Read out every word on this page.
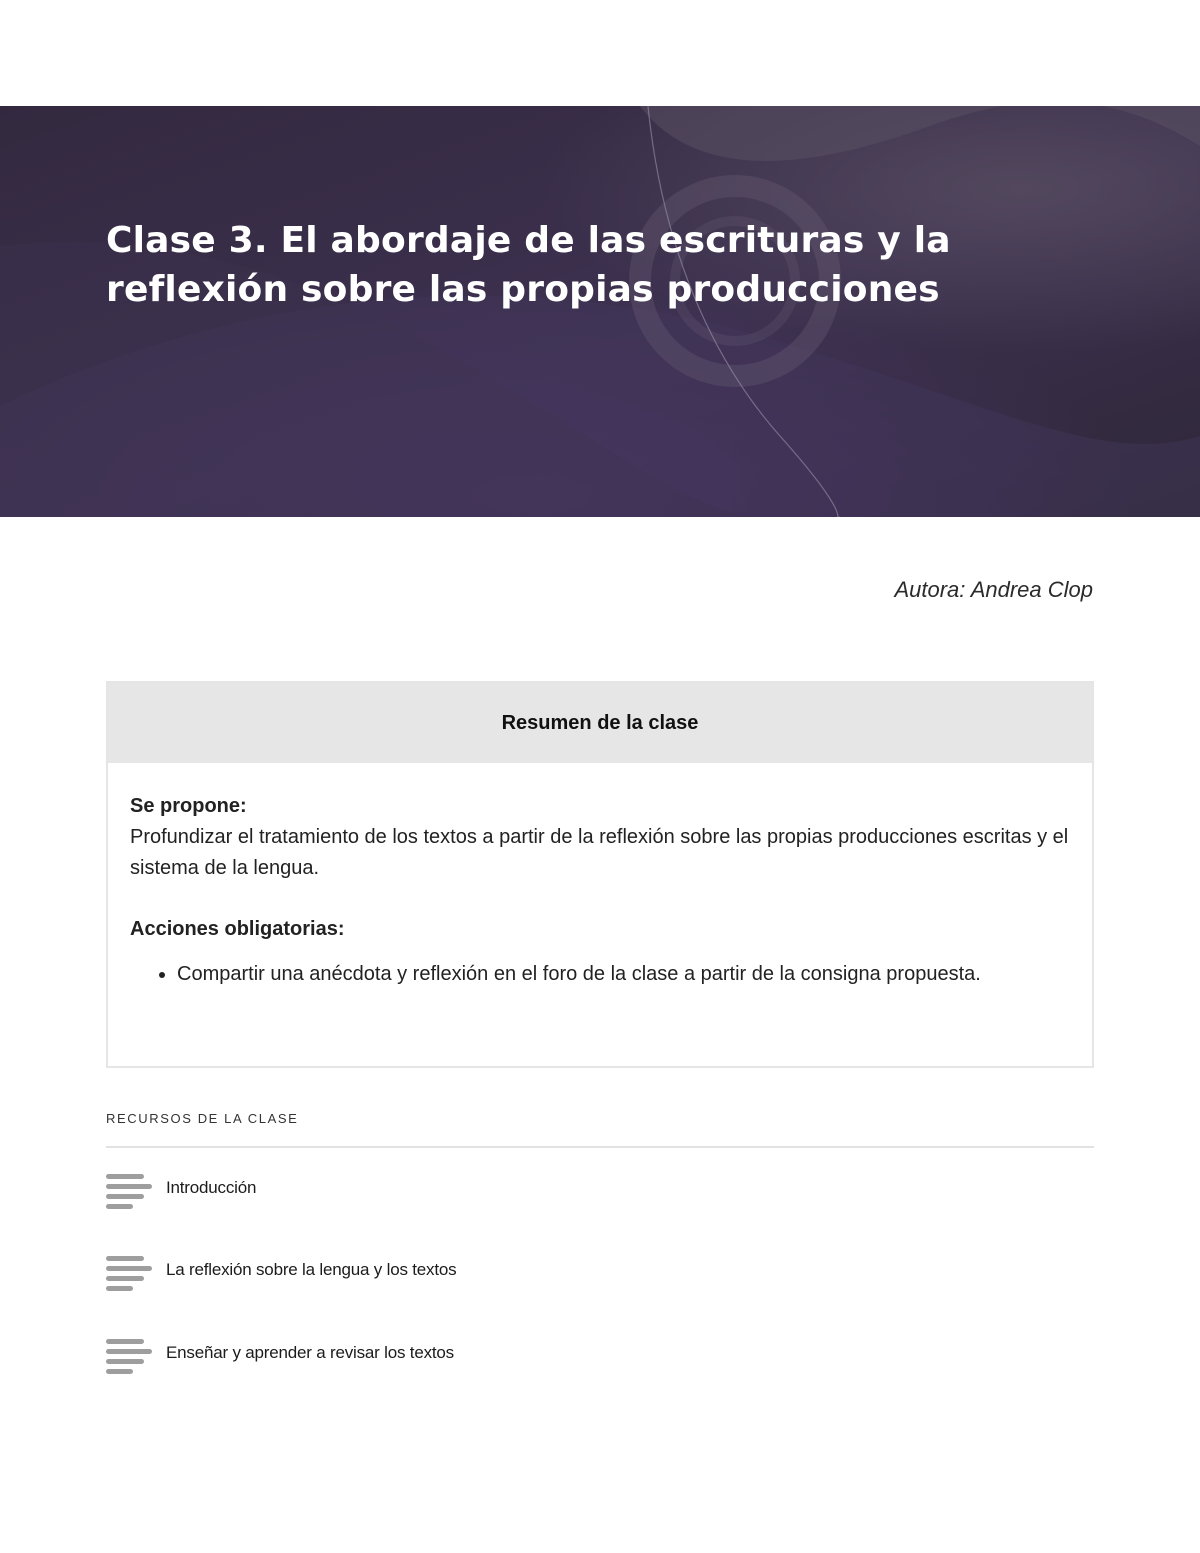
Clase 3. El abordaje de las escrituras y la reflexión sobre las propias producciones
Autora: Andrea Clop
Resumen de la clase
Se propone:

Profundizar el tratamiento de los textos a partir de la reflexión sobre las propias producciones escritas y el sistema de la lengua.

Acciones obligatorias:
• Compartir una anécdota y reflexión en el foro de la clase a partir de la consigna propuesta.
RECURSOS DE LA CLASE
Introducción
La reflexión sobre la lengua y los textos
Enseñar y aprender a revisar los textos
